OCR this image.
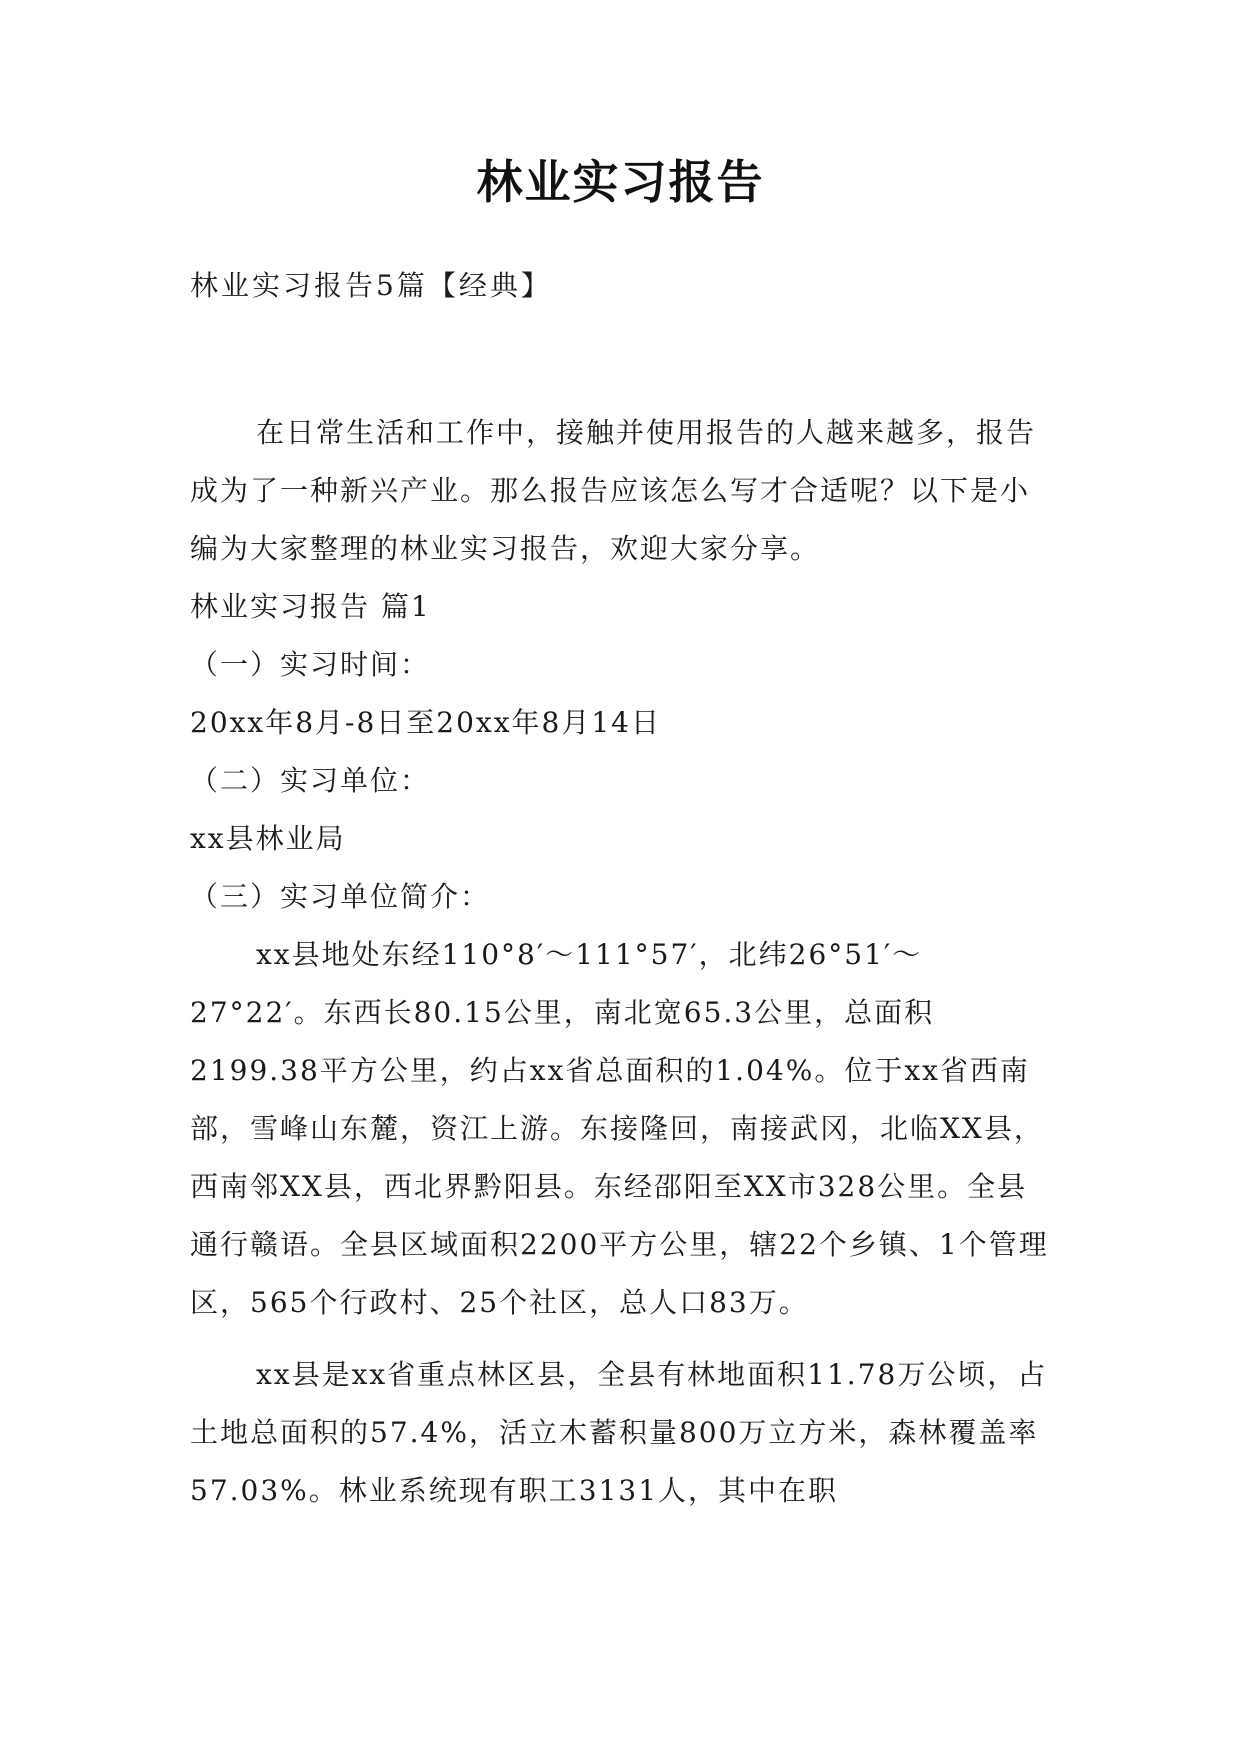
林业实习报告
林业实习报告5篇【经典】

在日常生活和工作中，接触并使用报告的人越来越多，报告成为了一种新兴产业。那么报告应该怎么写才合适呢？以下是小编为大家整理的林业实习报告，欢迎大家分享。

林业实习报告 篇1

（一）实习时间：

20xx年8月-8日至20xx年8月14日

（二）实习单位：

xx县林业局

（三）实习单位简介：

xx县地处东经110°8′～111°57′，北纬26°51′～27°22′。东西长80.15公里，南北宽65.3公里，总面积2199.38平方公里，约占xx省总面积的1.04%。位于xx省西南部，雪峰山东麓，资江上游。东接隆回，南接武冈，北临XX县，西南邻XX县，西北界黔阳县。东经邵阳至XX市328公里。全县通行赣语。全县区域面积2200平方公里，辖22个乡镇、1个管理区，565个行政村、25个社区，总人口83万。

xx县是xx省重点林区县，全县有林地面积11.78万公顷，占土地总面积的57.4%，活立木蓄积量800万立方米，森林覆盖率57.03%。林业系统现有职工3131人，其中在职
